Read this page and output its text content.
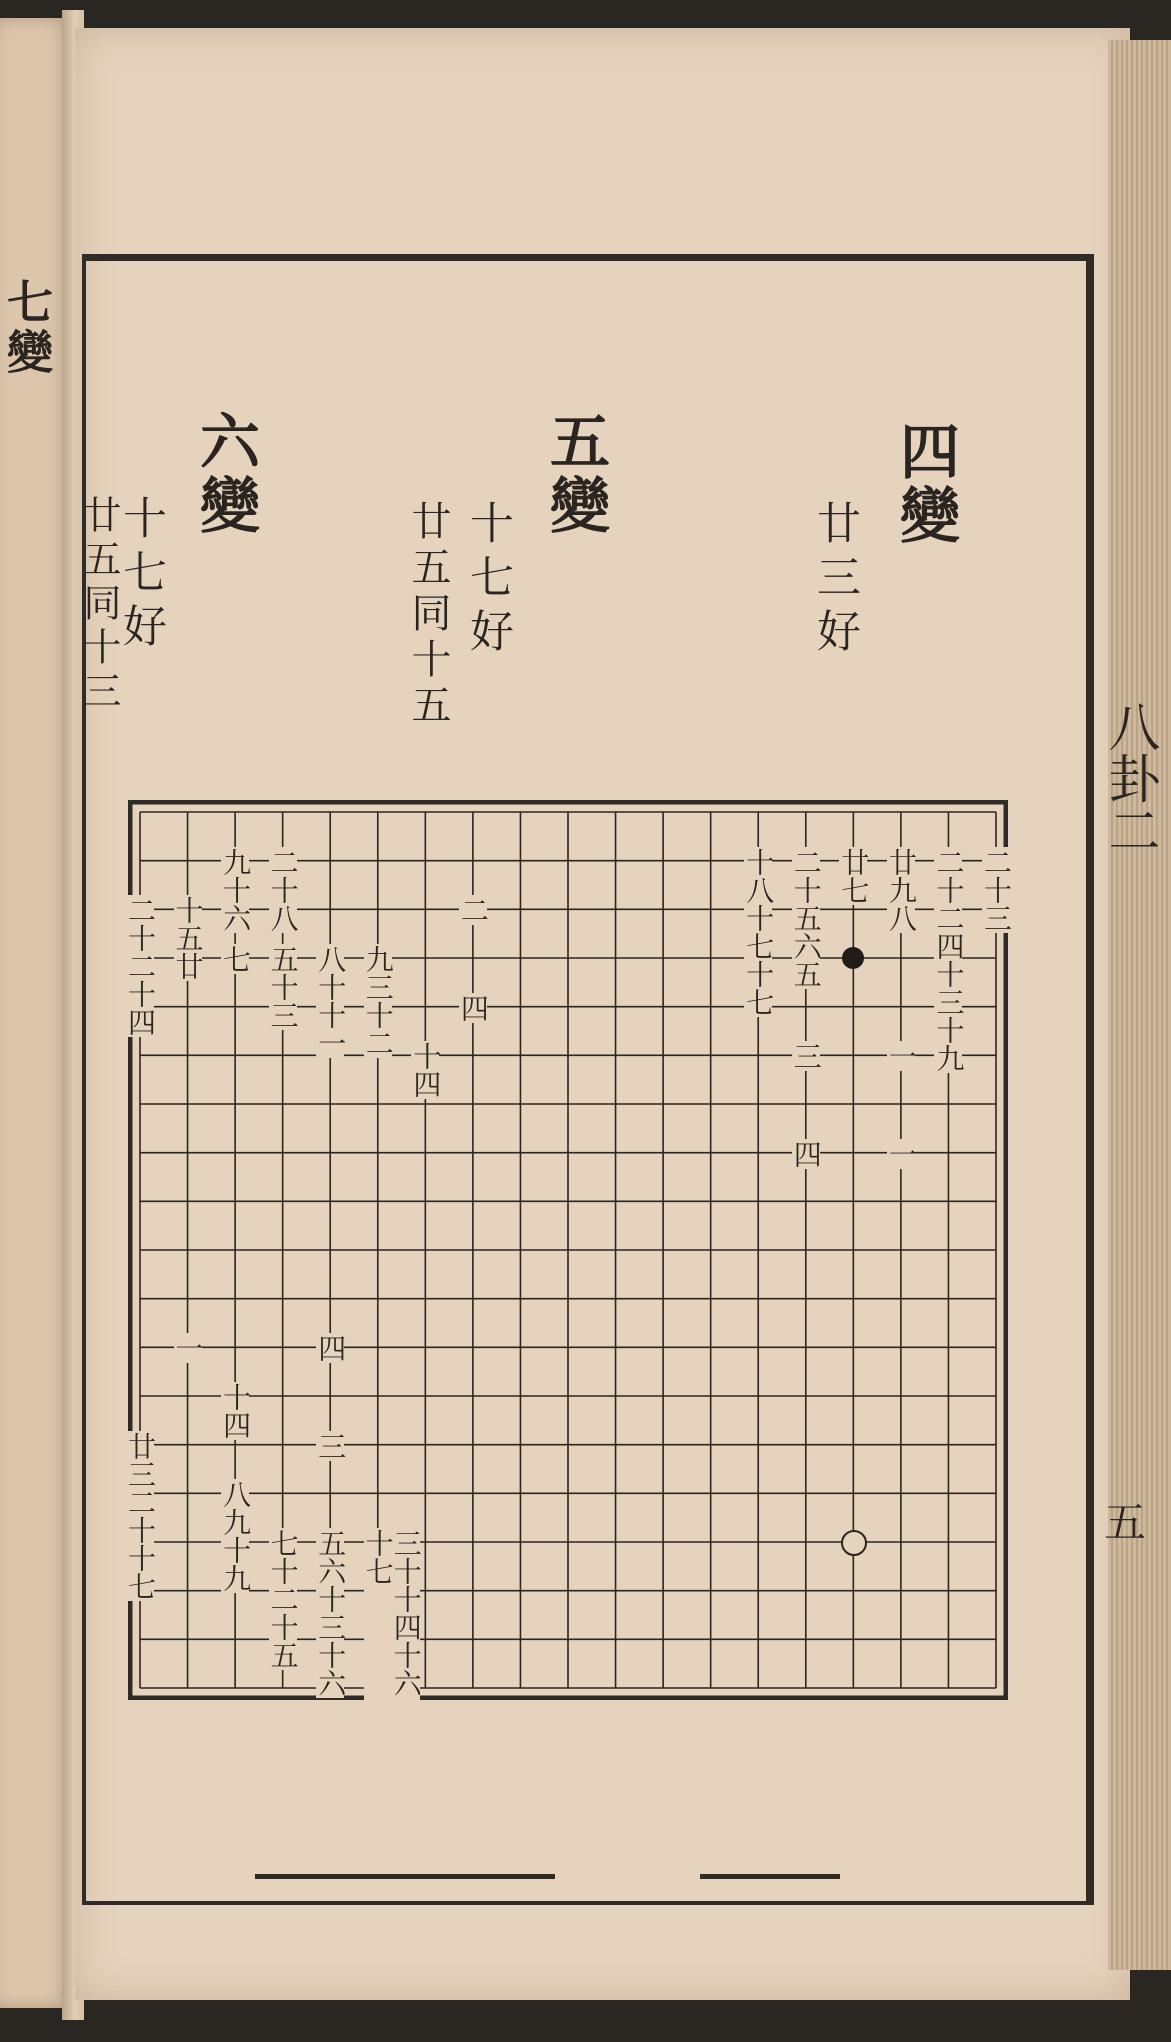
七變
八卦二
五
四變
廿三好
五變
十七好
廿五同十五
六變
十七好
廿五同十三
二十三
二十二四十三十九
廿九八
廿七
二十五六五
十八十七十七
一
一
三
四
二
四
十四
九三十二
八十十一
二十八
五十三
九十六
七
十五廿
二十二十四
四
三
十四
八九十九 五六十三十六
七十二十五	三十十四十六十七
廿三二十十七
一
